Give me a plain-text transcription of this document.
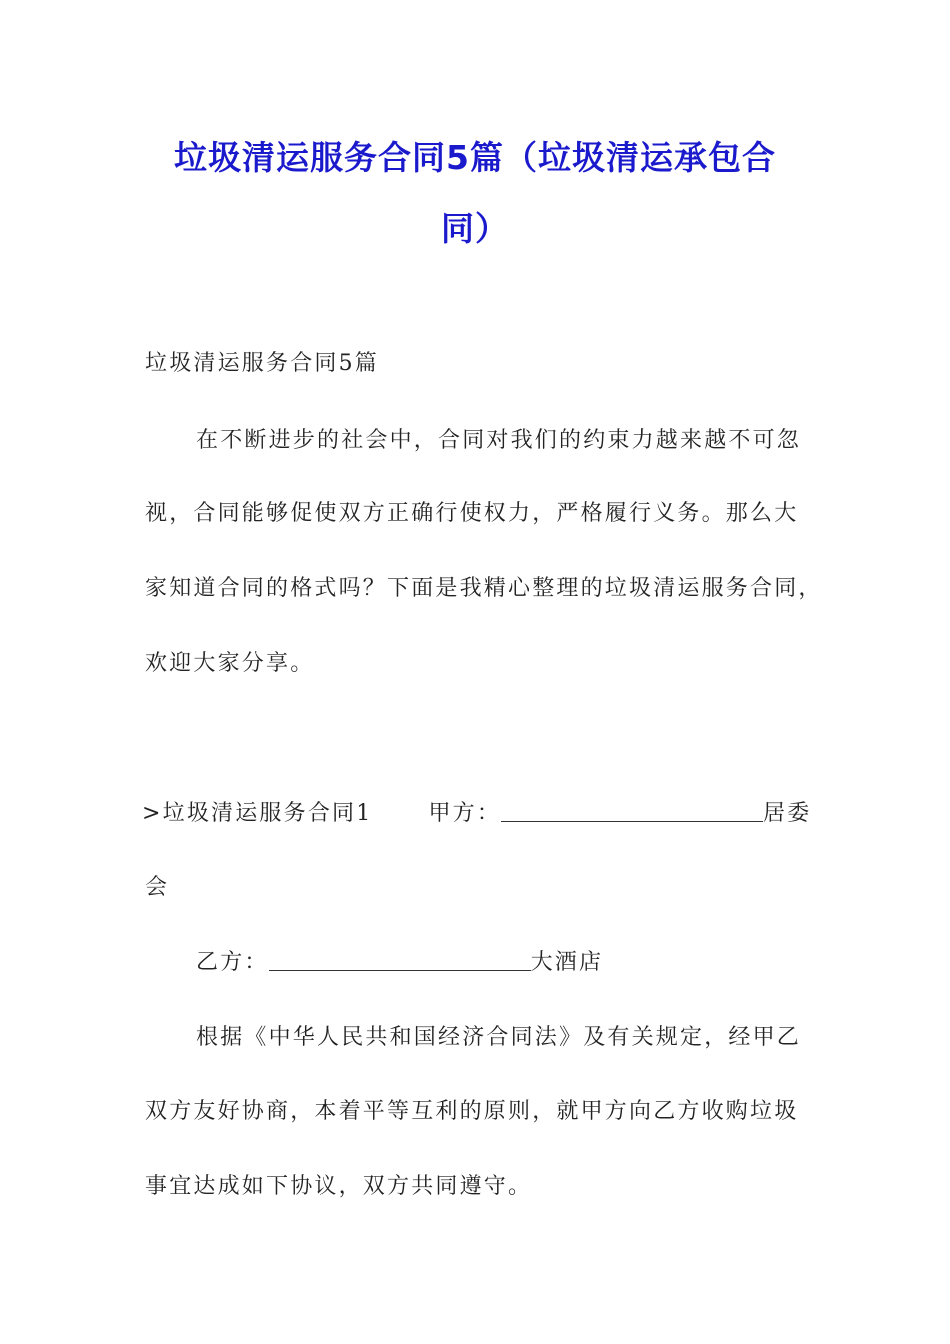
垃圾清运服务合同5篇（垃圾清运承包合
同）
垃圾清运服务合同5篇
在不断进步的社会中，合同对我们的约束力越来越不可忽
视，合同能够促使双方正确行使权力，严格履行义务。那么大
家知道合同的格式吗？下面是我精心整理的垃圾清运服务合同，
欢迎大家分享。
>垃圾清运服务合同1	甲方：	居委
会
乙方：	大酒店
根据《中华人民共和国经济合同法》及有关规定，经甲乙
双方友好协商，本着平等互利的原则，就甲方向乙方收购垃圾
事宜达成如下协议，双方共同遵守。
